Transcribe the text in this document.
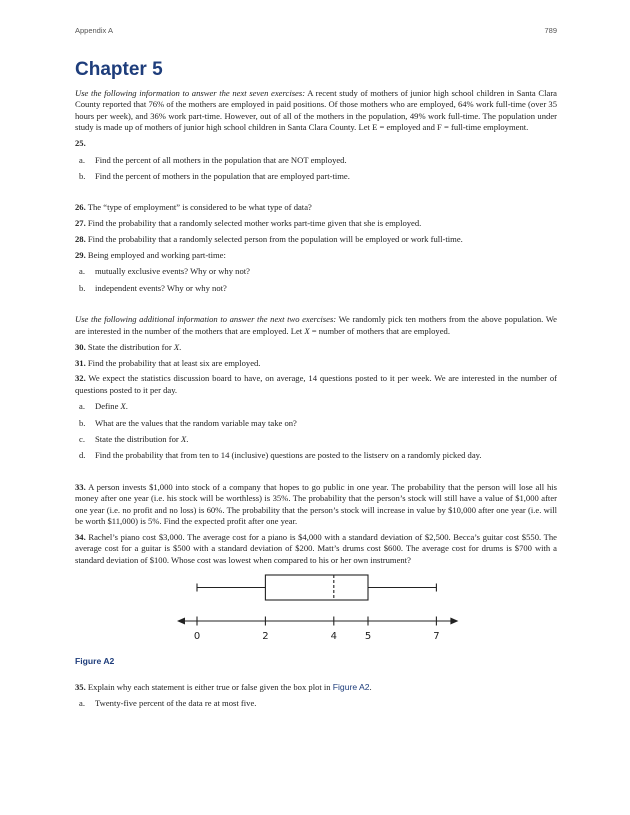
Appendix A	789
Chapter 5

Use the following information to answer the next seven exercises: A recent study of mothers of junior high school children in Santa Clara County reported that 76% of the mothers are employed in paid positions. Of those mothers who are employed, 64% work full-time (over 35 hours per week), and 36% work part-time. However, out of all of the mothers in the population, 49% work full-time. The population under study is made up of mothers of junior high school children in Santa Clara County. Let E = employed and F = full-time employment.

25.

a. Find the percent of all mothers in the population that are NOT employed.
b. Find the percent of mothers in the population that are employed part-time.

26. The “type of employment” is considered to be what type of data?

27. Find the probability that a randomly selected mother works part-time given that she is employed.

28. Find the probability that a randomly selected person from the population will be employed or work full-time.

29. Being employed and working part-time:

a. mutually exclusive events? Why or why not?
b. independent events? Why or why not?

Use the following additional information to answer the next two exercises: We randomly pick ten mothers from the above population. We are interested in the number of the mothers that are employed. Let X = number of mothers that are employed.

30. State the distribution for X.

31. Find the probability that at least six are employed.

32. We expect the statistics discussion board to have, on average, 14 questions posted to it per week. We are interested in the number of questions posted to it per day.

a. Define X.
b. What are the values that the random variable may take on?
c. State the distribution for X.
d. Find the probability that from ten to 14 (inclusive) questions are posted to the listserv on a randomly picked day.

33. A person invests $1,000 into stock of a company that hopes to go public in one year. The probability that the person will lose all his money after one year (i.e. his stock will be worthless) is 35%. The probability that the person’s stock will still have a value of $1,000 after one year (i.e. no profit and no loss) is 60%. The probability that the person’s stock will increase in value by $10,000 after one year (i.e. will be worth $11,000) is 5%. Find the expected profit after one year.

34. Rachel’s piano cost $3,000. The average cost for a piano is $4,000 with a standard deviation of $2,500. Becca’s guitar cost $550. The average cost for a guitar is $500 with a standard deviation of $200. Matt’s drums cost $600. The average cost for drums is $700 with a standard deviation of $100. Whose cost was lowest when compared to his or her own instrument?

0	2	4	5	7
Figure A2

35. Explain why each statement is either true or false given the box plot in Figure A2.

a. Twenty-five percent of the data re at most five.
